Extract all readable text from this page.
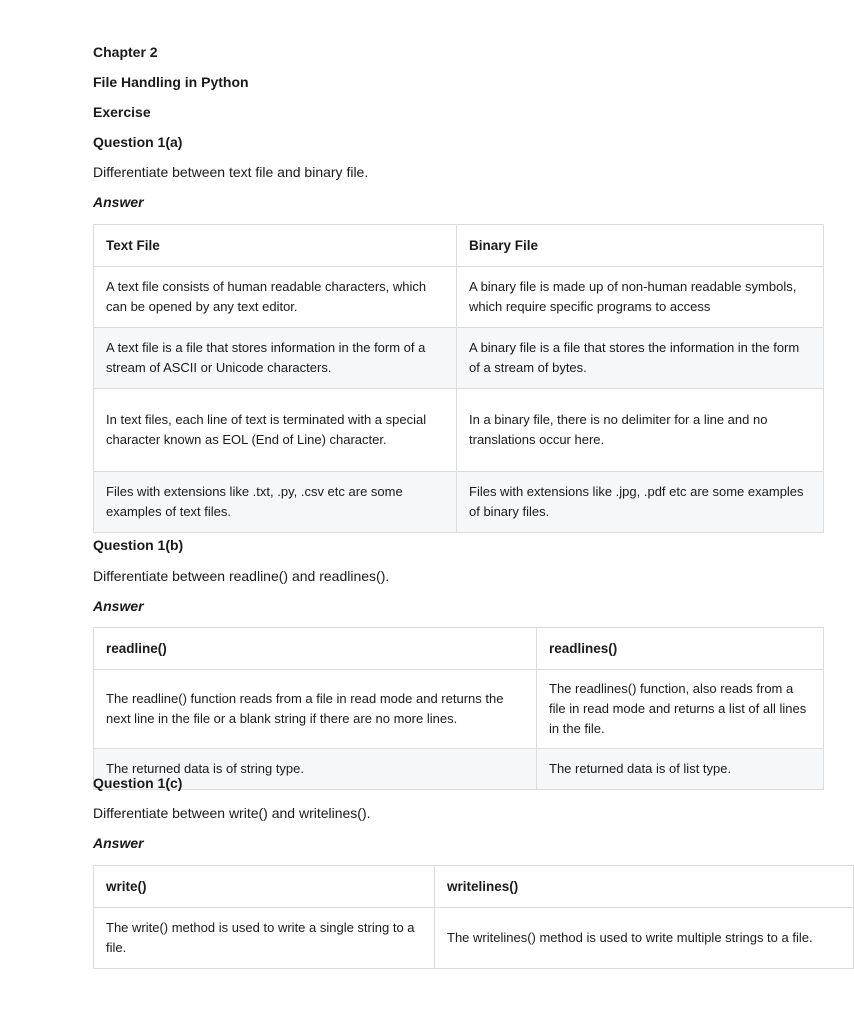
Chapter 2
File Handling in Python
Exercise
Question 1(a)
Differentiate between text file and binary file.
Answer
Text File	Binary File
A text file consists of human readable characters, which can be opened by any text editor.	A binary file is made up of non-human readable symbols, which require specific programs to access
A text file is a file that stores information in the form of a stream of ASCII or Unicode characters.	A binary file is a file that stores the information in the form of a stream of bytes.
In text files, each line of text is terminated with a special character known as EOL (End of Line) character.	In a binary file, there is no delimiter for a line and no translations occur here.
Files with extensions like .txt, .py, .csv etc are some examples of text files.	Files with extensions like .jpg, .pdf etc are some examples of binary files.
Question 1(b)
Differentiate between readline() and readlines().
Answer
readline()	readlines()
The readline() function reads from a file in read mode and returns the next line in the file or a blank string if there are no more lines.	The readlines() function, also reads from a file in read mode and returns a list of all lines in the file.
The returned data is of string type.	The returned data is of list type.
Question 1(c)
Differentiate between write() and writelines().
Answer
write()	writelines()
The write() method is used to write a single string to a file.	The writelines() method is used to write multiple strings to a file.
